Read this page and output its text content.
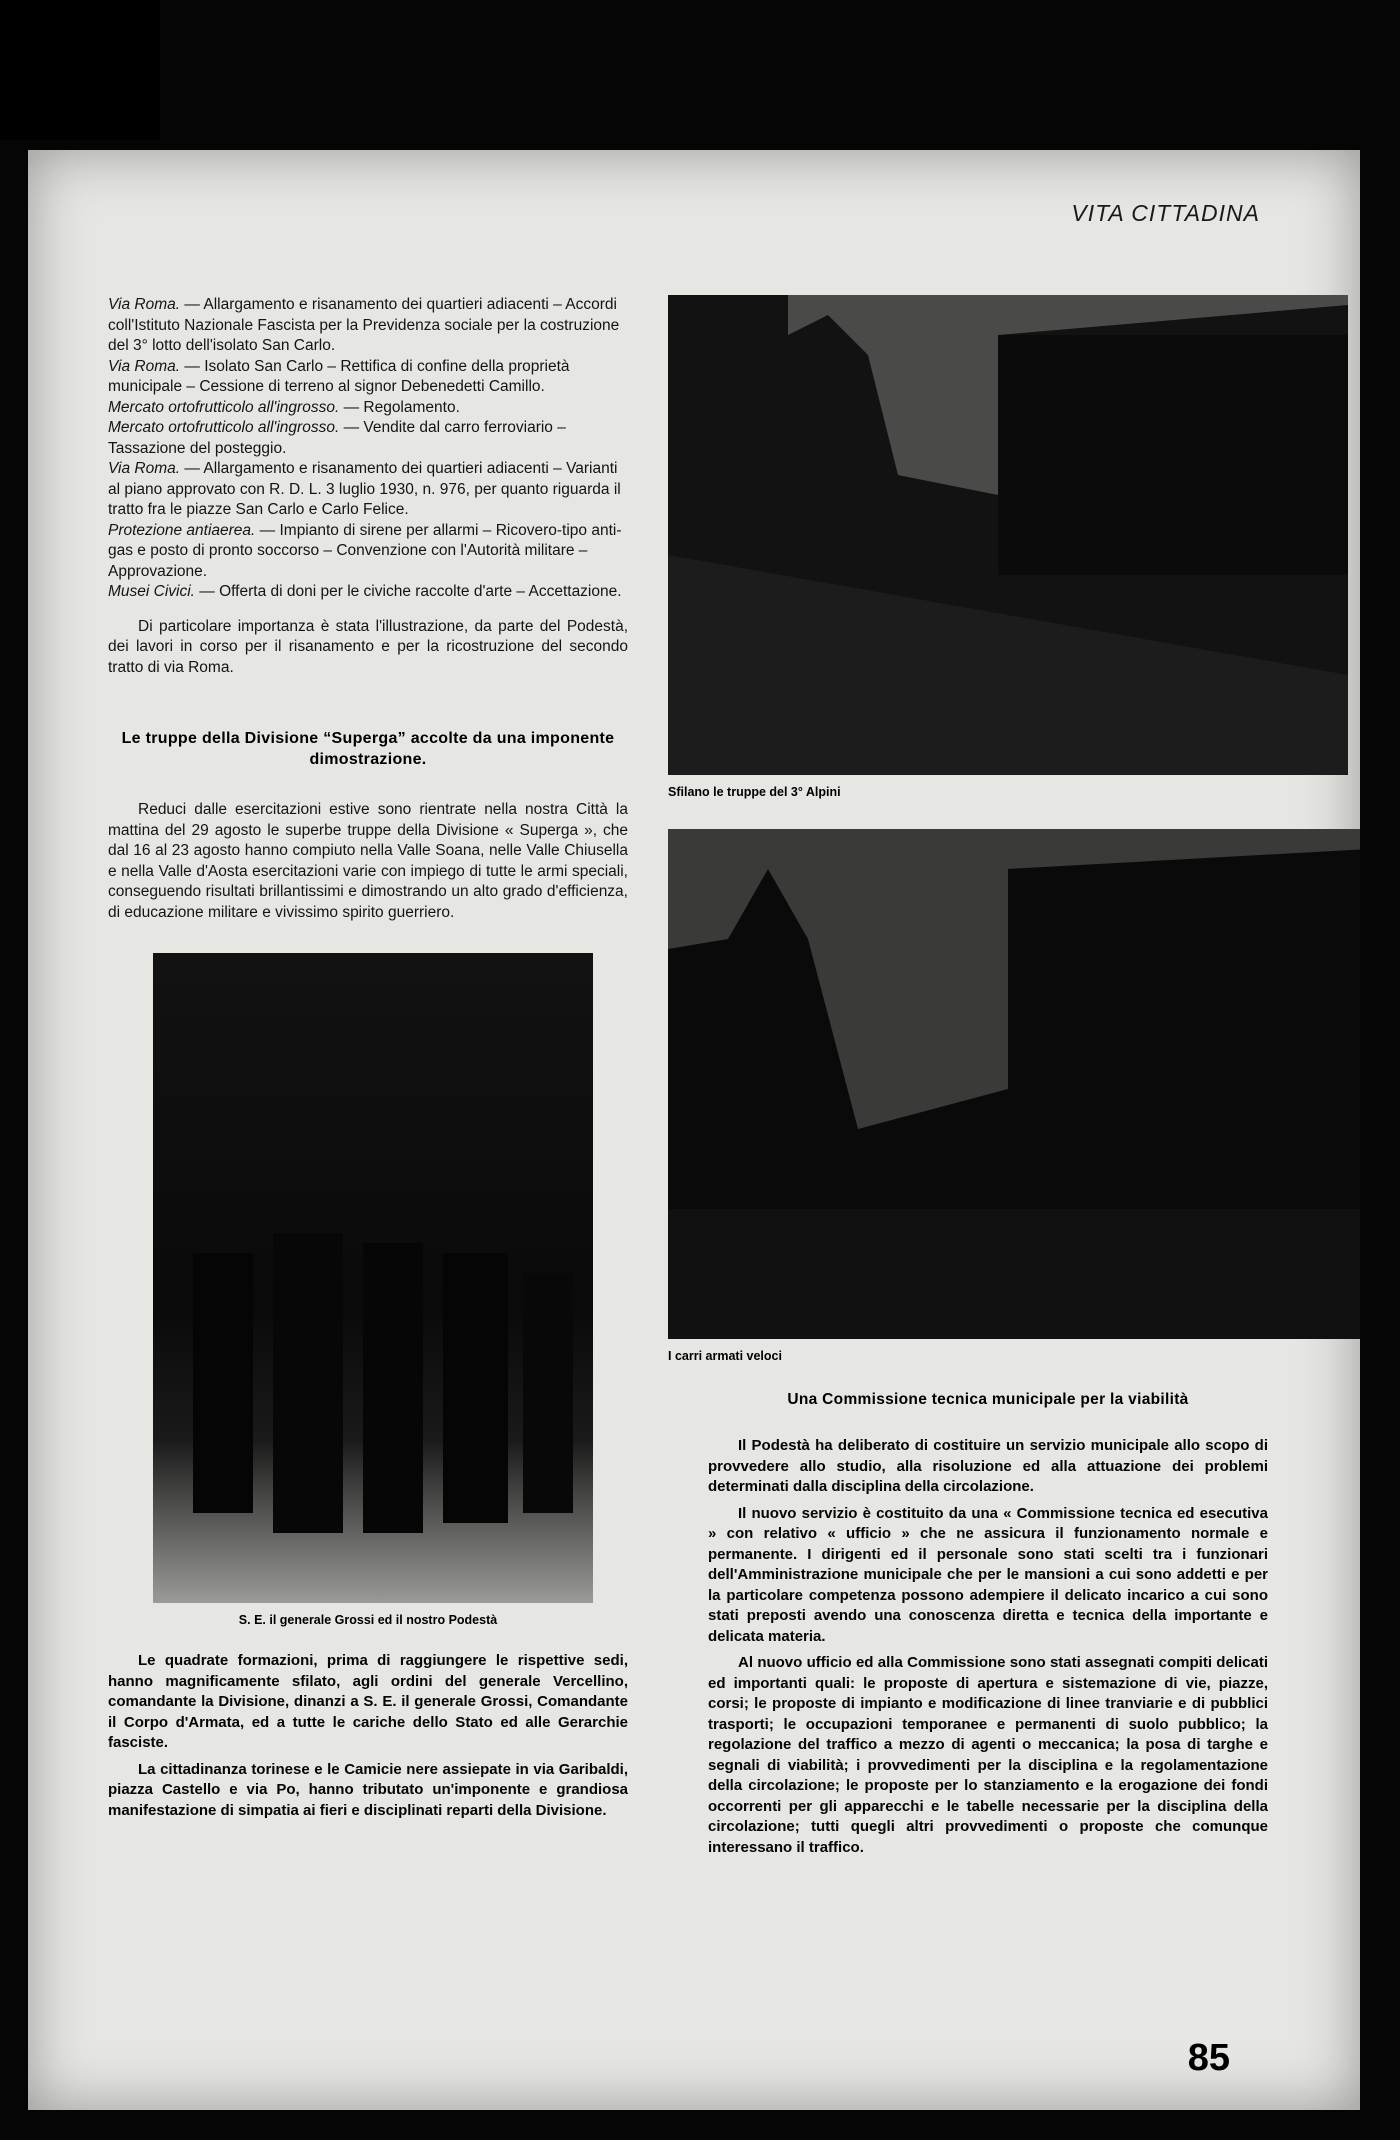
VITA CITTADINA

Via Roma. — Allargamento e risanamento dei quartieri adiacenti – Accordi coll'Istituto Nazionale Fascista per la Previdenza sociale per la costruzione del 3° lotto dell'isolato San Carlo.

Via Roma. — Isolato San Carlo – Rettifica di confine della proprietà municipale – Cessione di terreno al signor Debenedetti Camillo.

Mercato ortofrutticolo all'ingrosso. — Regolamento.

Mercato ortofrutticolo all'ingrosso. — Vendite dal carro ferroviario – Tassazione del posteggio.

Via Roma. — Allargamento e risanamento dei quartieri adiacenti – Varianti al piano approvato con R. D. L. 3 luglio 1930, n. 976, per quanto riguarda il tratto fra le piazze San Carlo e Carlo Felice.

Protezione antiaerea. — Impianto di sirene per allarmi – Ricovero-tipo anti-gas e posto di pronto soccorso – Convenzione con l'Autorità militare – Approvazione.

Musei Civici. — Offerta di doni per le civiche raccolte d'arte – Accettazione.

Di particolare importanza è stata l'illustrazione, da parte del Podestà, dei lavori in corso per il risanamento e per la ricostruzione del secondo tratto di via Roma.

Le truppe della Divisione “Superga” accolte da una imponente dimostrazione.

Reduci dalle esercitazioni estive sono rientrate nella nostra Città la mattina del 29 agosto le superbe truppe della Divisione « Superga », che dal 16 al 23 agosto hanno compiuto nella Valle Soana, nelle Valle Chiusella e nella Valle d'Aosta esercitazioni varie con impiego di tutte le armi speciali, conseguendo risultati brillantissimi e dimostrando un alto grado d'efficienza, di educazione militare e vivissimo spirito guerriero.

S. E. il generale Grossi ed il nostro Podestà

Le quadrate formazioni, prima di raggiungere le rispettive sedi, hanno magnificamente sfilato, agli ordini del generale Vercellino, comandante la Divisione, dinanzi a S. E. il generale Grossi, Comandante il Corpo d'Armata, ed a tutte le cariche dello Stato ed alle Gerarchie fasciste.

La cittadinanza torinese e le Camicie nere assiepate in via Garibaldi, piazza Castello e via Po, hanno tributato un'imponente e grandiosa manifestazione di simpatia ai fieri e disciplinati reparti della Divisione.

Sfilano le truppe del 3° Alpini

I carri armati veloci

Una Commissione tecnica municipale per la viabilità

Il Podestà ha deliberato di costituire un servizio municipale allo scopo di provvedere allo studio, alla risoluzione ed alla attuazione dei problemi determinati dalla disciplina della circolazione.

Il nuovo servizio è costituito da una « Commissione tecnica ed esecutiva » con relativo « ufficio » che ne assicura il funzionamento normale e permanente. I dirigenti ed il personale sono stati scelti tra i funzionari dell'Amministrazione municipale che per le mansioni a cui sono addetti e per la particolare competenza possono adempiere il delicato incarico a cui sono stati preposti avendo una conoscenza diretta e tecnica della importante e delicata materia.

Al nuovo ufficio ed alla Commissione sono stati assegnati compiti delicati ed importanti quali: le proposte di apertura e sistemazione di vie, piazze, corsi; le proposte di impianto e modificazione di linee tranviarie e di pubblici trasporti; le occupazioni temporanee e permanenti di suolo pubblico; la regolazione del traffico a mezzo di agenti o meccanica; la posa di targhe e segnali di viabilità; i provvedimenti per la disciplina e la regolamentazione della circolazione; le proposte per lo stanziamento e la erogazione dei fondi occorrenti per gli apparecchi e le tabelle necessarie per la disciplina della circolazione; tutti quegli altri provvedimenti o proposte che comunque interessano il traffico.

85
